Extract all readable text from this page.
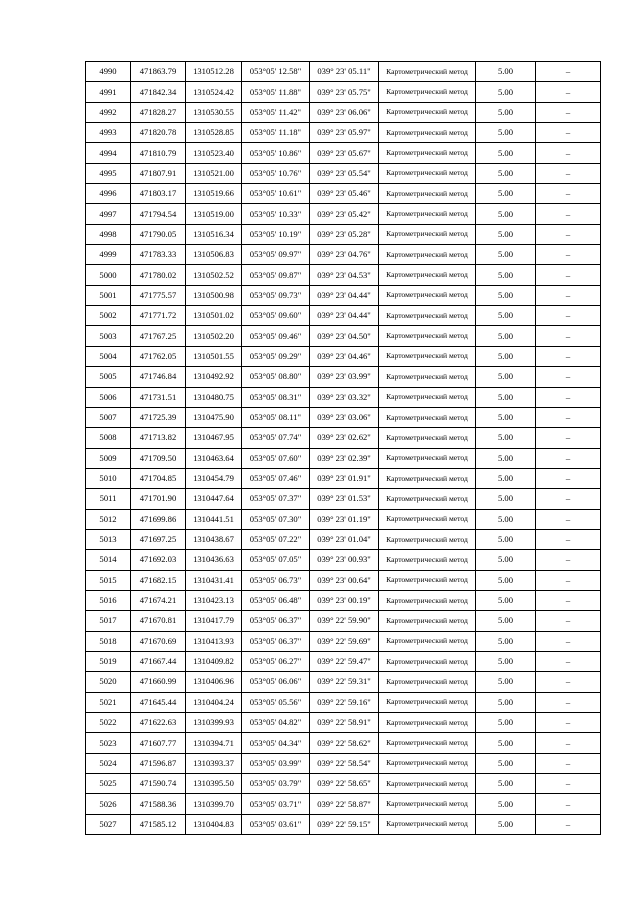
4990	471863.79	1310512.28	053°05' 12.58"	039° 23' 05.11"	Картометрический метод	5.00	–
4991	471842.34	1310524.42	053°05' 11.88"	039° 23' 05.75"	Картометрический метод	5.00	–
4992	471828.27	1310530.55	053°05' 11.42"	039° 23' 06.06"	Картометрический метод	5.00	–
4993	471820.78	1310528.85	053°05' 11.18"	039° 23' 05.97"	Картометрический метод	5.00	–
4994	471810.79	1310523.40	053°05' 10.86"	039° 23' 05.67"	Картометрический метод	5.00	–
4995	471807.91	1310521.00	053°05' 10.76"	039° 23' 05.54"	Картометрический метод	5.00	–
4996	471803.17	1310519.66	053°05' 10.61"	039° 23' 05.46"	Картометрический метод	5.00	–
4997	471794.54	1310519.00	053°05' 10.33"	039° 23' 05.42"	Картометрический метод	5.00	–
4998	471790.05	1310516.34	053°05' 10.19"	039° 23' 05.28"	Картометрический метод	5.00	–
4999	471783.33	1310506.83	053°05' 09.97"	039° 23' 04.76"	Картометрический метод	5.00	–
5000	471780.02	1310502.52	053°05' 09.87"	039° 23' 04.53"	Картометрический метод	5.00	–
5001	471775.57	1310500.98	053°05' 09.73"	039° 23' 04.44"	Картометрический метод	5.00	–
5002	471771.72	1310501.02	053°05' 09.60"	039° 23' 04.44"	Картометрический метод	5.00	–
5003	471767.25	1310502.20	053°05' 09.46"	039° 23' 04.50"	Картометрический метод	5.00	–
5004	471762.05	1310501.55	053°05' 09.29"	039° 23' 04.46"	Картометрический метод	5.00	–
5005	471746.84	1310492.92	053°05' 08.80"	039° 23' 03.99"	Картометрический метод	5.00	–
5006	471731.51	1310480.75	053°05' 08.31"	039° 23' 03.32"	Картометрический метод	5.00	–
5007	471725.39	1310475.90	053°05' 08.11"	039° 23' 03.06"	Картометрический метод	5.00	–
5008	471713.82	1310467.95	053°05' 07.74"	039° 23' 02.62"	Картометрический метод	5.00	–
5009	471709.50	1310463.64	053°05' 07.60"	039° 23' 02.39"	Картометрический метод	5.00	–
5010	471704.85	1310454.79	053°05' 07.46"	039° 23' 01.91"	Картометрический метод	5.00	–
5011	471701.90	1310447.64	053°05' 07.37"	039° 23' 01.53"	Картометрический метод	5.00	–
5012	471699.86	1310441.51	053°05' 07.30"	039° 23' 01.19"	Картометрический метод	5.00	–
5013	471697.25	1310438.67	053°05' 07.22"	039° 23' 01.04"	Картометрический метод	5.00	–
5014	471692.03	1310436.63	053°05' 07.05"	039° 23' 00.93"	Картометрический метод	5.00	–
5015	471682.15	1310431.41	053°05' 06.73"	039° 23' 00.64"	Картометрический метод	5.00	–
5016	471674.21	1310423.13	053°05' 06.48"	039° 23' 00.19"	Картометрический метод	5.00	–
5017	471670.81	1310417.79	053°05' 06.37"	039° 22' 59.90"	Картометрический метод	5.00	–
5018	471670.69	1310413.93	053°05' 06.37"	039° 22' 59.69"	Картометрический метод	5.00	–
5019	471667.44	1310409.82	053°05' 06.27"	039° 22' 59.47"	Картометрический метод	5.00	–
5020	471660.99	1310406.96	053°05' 06.06"	039° 22' 59.31"	Картометрический метод	5.00	–
5021	471645.44	1310404.24	053°05' 05.56"	039° 22' 59.16"	Картометрический метод	5.00	–
5022	471622.63	1310399.93	053°05' 04.82"	039° 22' 58.91"	Картометрический метод	5.00	–
5023	471607.77	1310394.71	053°05' 04.34"	039° 22' 58.62"	Картометрический метод	5.00	–
5024	471596.87	1310393.37	053°05' 03.99"	039° 22' 58.54"	Картометрический метод	5.00	–
5025	471590.74	1310395.50	053°05' 03.79"	039° 22' 58.65"	Картометрический метод	5.00	–
5026	471588.36	1310399.70	053°05' 03.71"	039° 22' 58.87"	Картометрический метод	5.00	–
5027	471585.12	1310404.83	053°05' 03.61"	039° 22' 59.15"	Картометрический метод	5.00	–
